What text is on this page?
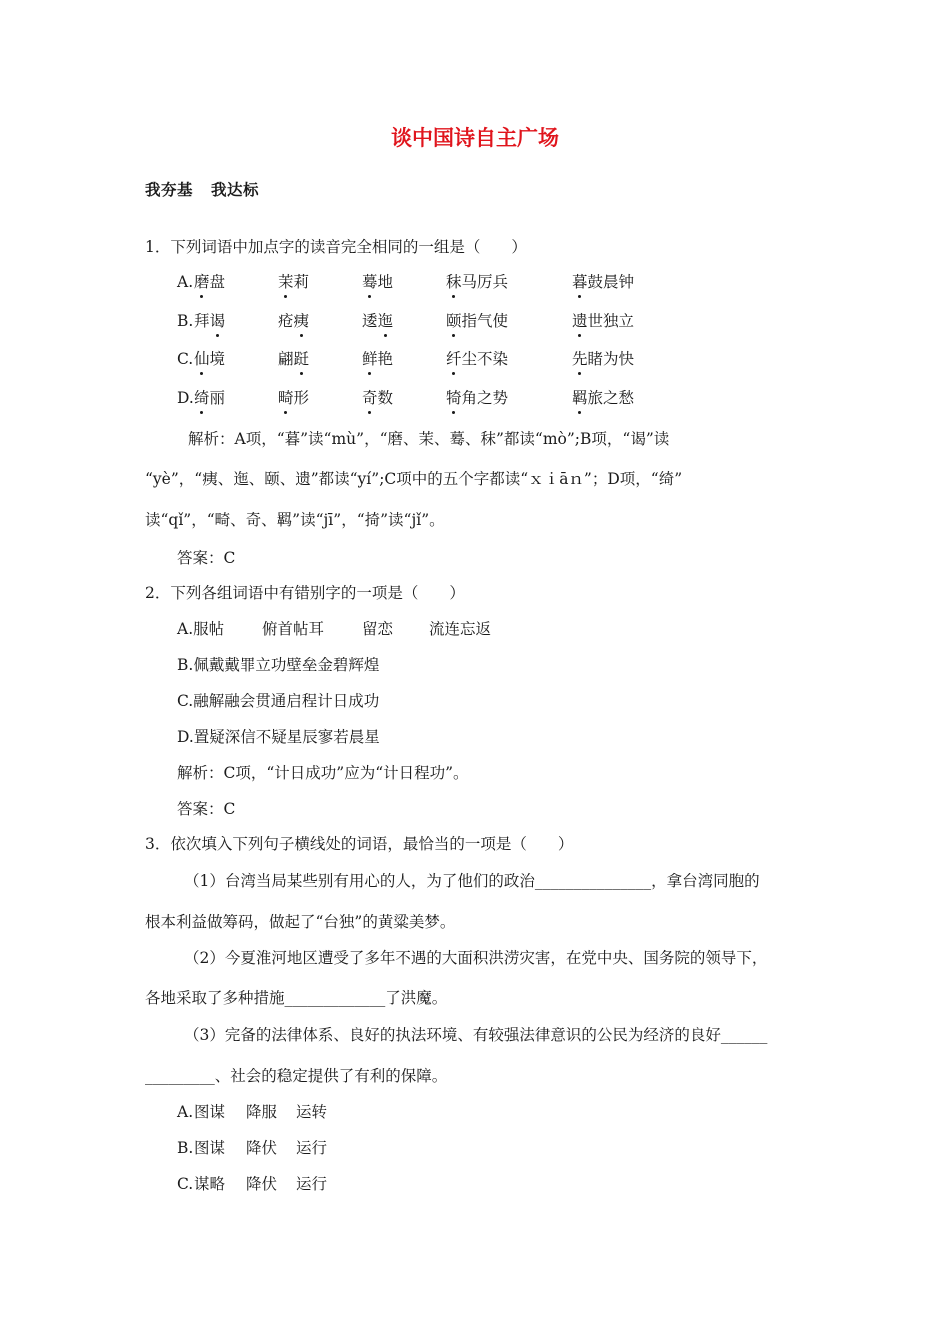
谈中国诗自主广场
我夯基 我达标
1．下列词语中加点字的读音完全相同的一组是（　　）
A. 磨盘	茉莉	蓦地	秣马厉兵	暮鼓晨钟
B. 拜谒	疮痍	逶迤	颐指气使	遗世独立
C. 仙境	翩跹	鲜艳	纤尘不染	先睹为快
D. 绮丽	畸形	奇数	犄角之势	羁旅之愁
解析：A项，“暮”读“mù”，“磨、茉、蓦、秣”都读“mò”;B项，“谒”读
“yè”，“痍、迤、颐、遗”都读“yí”;C项中的五个字都读“ｘｉāｎ”；D项，“绮”
读“qǐ”，“畸、奇、羁”读“jī”，“掎”读“jǐ”。
答案：C
2．下列各组词语中有错别字的一项是（　　）
A.服帖 俯首帖耳 留恋 流连忘返
B.佩戴戴罪立功壁垒金碧辉煌
C.融解融会贯通启程计日成功
D.置疑深信不疑星辰寥若晨星
解析：C项，“计日成功”应为“计日程功”。
答案：C
3．依次填入下列句子横线处的词语，最恰当的一项是（　　）
（1）台湾当局某些别有用心的人，为了他们的政治_______________，拿台湾同胞的
根本利益做筹码，做起了“台独”的黄粱美梦。
（2）今夏淮河地区遭受了多年不遇的大面积洪涝灾害，在党中央、国务院的领导下，
各地采取了多种措施_____________了洪魔。
（3）完备的法律体系、良好的执法环境、有较强法律意识的公民为经济的良好______
_________、社会的稳定提供了有利的保障。
A. 图谋 降服 运转
B. 图谋 降伏 运行
C. 谋略 降伏 运行
